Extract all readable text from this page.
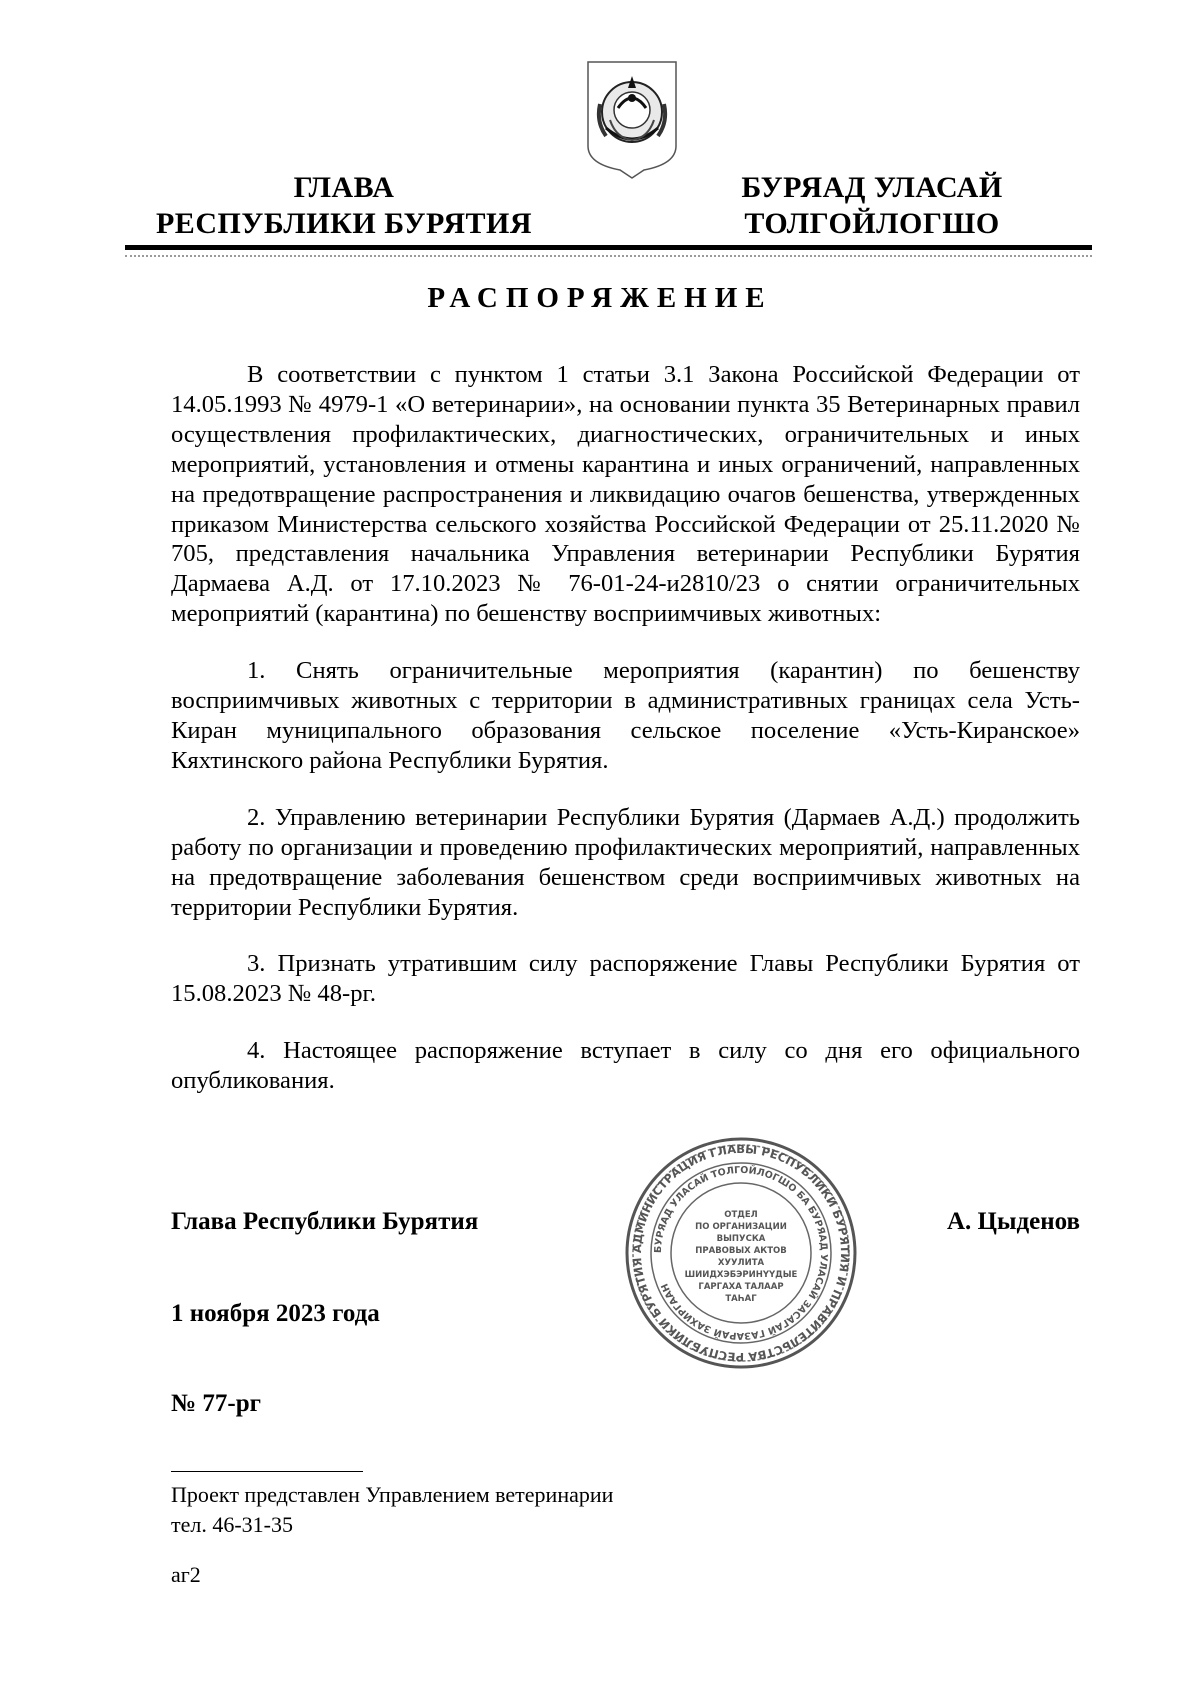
ГЛАВА
РЕСПУБЛИКИ БУРЯТИЯ
БУРЯАД УЛАСАЙ
ТОЛГОЙЛОГШО
РАСПОРЯЖЕНИЕ

В соответствии с пунктом 1 статьи 3.1 Закона Российской Федерации от 14.05.1993 № 4979-1 «О ветеринарии», на основании пункта 35 Ветеринарных правил осуществления профилактических, диагностических, ограничительных и иных мероприятий, установления и отмены карантина и иных ограничений, направленных на предотвращение распространения и ликвидацию очагов бешенства, утвержденных приказом Министерства сельского хозяйства Российской Федерации от 25.11.2020 № 705, представления начальника Управления ветеринарии Республики Бурятия Дармаева А.Д. от 17.10.2023 № 76-01-24-и2810/23 о снятии ограничительных мероприятий (карантина) по бешенству восприимчивых животных:

1. Снять ограничительные мероприятия (карантин) по бешенству восприимчивых животных с территории в административных границах села Усть-Киран муниципального образования сельское поселение «Усть-Киранское» Кяхтинского района Республики Бурятия.

2. Управлению ветеринарии Республики Бурятия (Дармаев А.Д.) продолжить работу по организации и проведению профилактических мероприятий, направленных на предотвращение заболевания бешенством среди восприимчивых животных на территории Республики Бурятия.

3. Признать утратившим силу распоряжение Главы Республики Бурятия от 15.08.2023 № 48-рг.

4. Настоящее распоряжение вступает в силу со дня его официального опубликования.

АДМИНИСТРАЦИЯ ГЛАВЫ РЕСПУБЛИКИ БУРЯТИЯ И ПРАВИТЕЛЬСТВА РЕСПУБЛИКИ БУРЯТИЯ
БУРЯАД УЛАСАЙ ТОЛГОЙЛОГШО БА БУРЯАД УЛАСАЙ ЗАСАГАЙ ГАЗАРАЙ ЗАХИРГААН
ОТДЕЛ
ПО ОРГАНИЗАЦИИ
ВЫПУСКА
ПРАВОВЫХ АКТОВ
ХУУЛИТА
ШИИДХЭБЭРИНҮҮДЫЕ
ГАРГАХА ТАЛААР
ТАҺАГ
Глава Республики Бурятия	А. Цыденов
1 ноября 2023 года
№ 77-рг
Проект представлен Управлением ветеринарии
тел. 46-31-35
аг2
